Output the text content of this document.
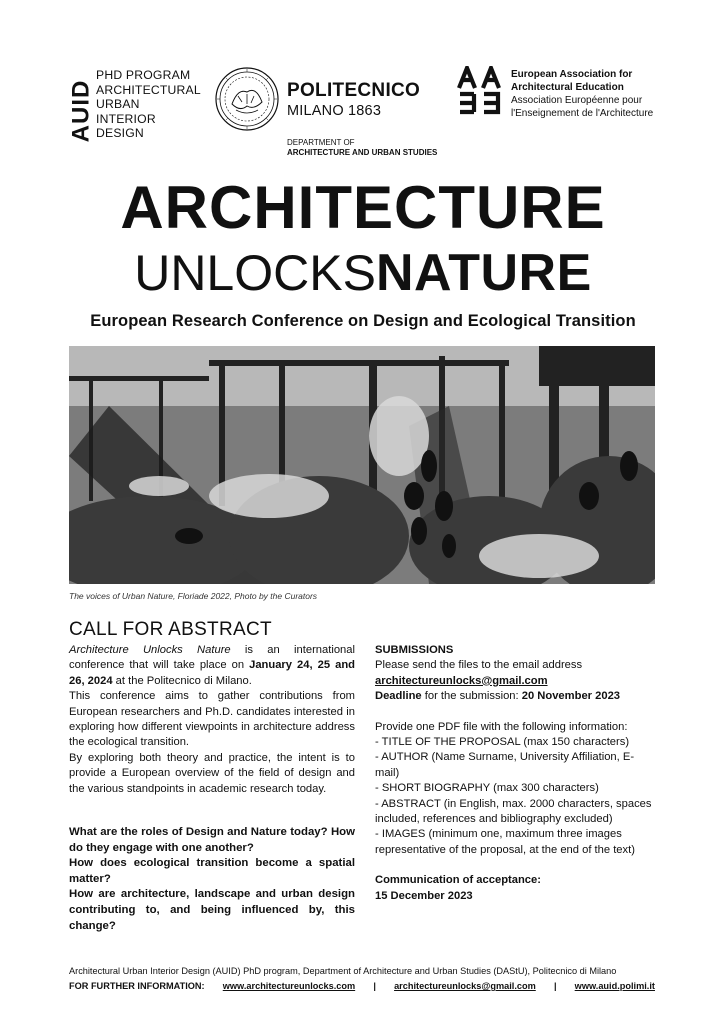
AUID
PHD PROGRAM
ARCHITECTURAL
URBAN
INTERIOR
DESIGN
POLITECNICO
MILANO 1863
DEPARTMENT OF
ARCHITECTURE AND URBAN STUDIES
European Association for
Architectural Education
Association Européenne pour
l'Enseignement de l'Architecture
ARCHITECTURE
UNLOCKSNATURE
European Research Conference on Design and Ecological Transition
The voices of Urban Nature, Floriade 2022, Photo by the Curators
CALL FOR ABSTRACT

Architecture Unlocks Nature is an international conference that will take place on January 24, 25 and 26, 2024 at the Politecnico di Milano.

This conference aims to gather contributions from European researchers and Ph.D. candidates interested in exploring how different viewpoints in architecture address the ecological transition.

By exploring both theory and practice, the intent is to provide a European overview of the field of design and the various standpoints in academic research today.

What are the roles of Design and Nature today? How do they engage with one another?

How does ecological transition become a spatial matter?

How are architecture, landscape and urban design contributing to, and being influenced by, this change?

SUBMISSIONS

Please send the files to the email address

architectureunlocks@gmail.com

Deadline for the submission: 20 November 2023

Provide one PDF file with the following information:

- TITLE OF THE PROPOSAL (max 150 characters)

- AUTHOR (Name Surname, University Affiliation, E-mail)

- SHORT BIOGRAPHY (max 300 characters)

- ABSTRACT (in English, max. 2000 characters, spaces included, references and bibliography excluded)

- IMAGES (minimum one, maximum three images representative of the proposal, at the end of the text)

Communication of acceptance:

15 December 2023

Architectural Urban Interior Design (AUID) PhD program, Department of Architecture and Urban Studies (DAStU), Politecnico di Milano
FOR FURTHER INFORMATION: www.architectureunlocks.com | architectureunlocks@gmail.com | www.auid.polimi.it
